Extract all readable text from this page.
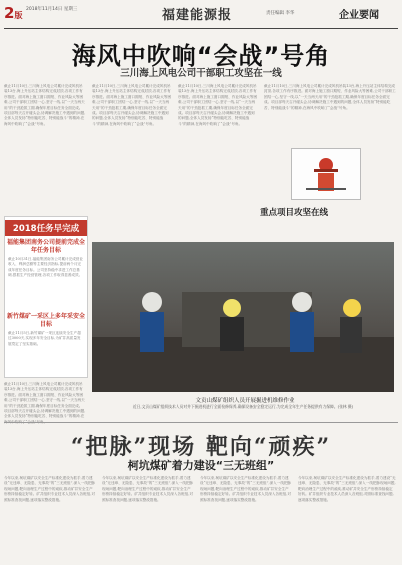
2版
2018年11月14日 星期三	福建能源报	责任编辑 李华	企业要闻
海风中吹响“会战”号角
三川海上风电公司干部职工攻坚在一线
截止11月10日,三川海上风电公司累计完成风机吊装13台,海上升压站主体结构完成封顶,各项工作有序推进。面对海上施工窗口期短、作业风险大等困难,公司干部职工团结一心,坚守一线,以“一天当两天用”的干劲抢抓工期,确保年度目标任务全面完成。项目部每天召开碰头会,协调解决施工中遇到的问题,全体人员发扬“特别能吃苦、特别能战斗”的精神,在海风中吹响了“会战”号角。
截止11月10日,三川海上风电公司累计完成风机吊装13台,海上升压站主体结构完成封顶,各项工作有序推进。面对海上施工窗口期短、作业风险大等困难,公司干部职工团结一心,坚守一线,以“一天当两天用”的干劲抢抓工期,确保年度目标任务全面完成。项目部每天召开碰头会,协调解决施工中遇到的问题,全体人员发扬“特别能吃苦、特别能战斗”的精神,在海风中吹响了“会战”号角。
截止11月10日,三川海上风电公司累计完成风机吊装13台,海上升压站主体结构完成封顶,各项工作有序推进。面对海上施工窗口期短、作业风险大等困难,公司干部职工团结一心,坚守一线,以“一天当两天用”的干劲抢抓工期,确保年度目标任务全面完成。项目部每天召开碰头会,协调解决施工中遇到的问题,全体人员发扬“特别能吃苦、特别能战斗”的精神,在海风中吹响了“会战”号角。
截止11月10日,三川海上风电公司累计完成风机吊装13台,海上升压站主体结构完成封顶,各项工作有序推进。面对海上施工窗口期短、作业风险大等困难,公司干部职工团结一心,坚守一线,以“一天当两天用”的干劲抢抓工期,确保年度目标任务全面完成。项目部每天召开碰头会,协调解决施工中遇到的问题,全体人员发扬“特别能吃苦、特别能战斗”的精神,在海风中吹响了“会战”号角。
重点项目攻坚在线
2018任务早完成
福能集团南务公司提前完成全年任务目标
截止10月31日,福能集团南务公司累计完成营业收入、利润总额等主要经济指标,提前两个月完成年度任务目标。公司坚持稳中求进工作总基调,狠抓生产经营管理,各项工作取得显著成效。
新竹煤矿一采区上多年采安全目标
截止11月5日,新竹煤矿一采区连续安全生产超过3000天,实现多年安全目标,为矿井高质量发展奠定了坚实基础。
截止11月10日,三川海上风电公司累计完成风机吊装13台,海上升压站主体结构完成封顶,各项工作有序推进。面对海上施工窗口期短、作业风险大等困难,公司干部职工团结一心,坚守一线,以“一天当两天用”的干劲抢抓工期,确保年度目标任务全面完成。项目部每天召开碰头会,协调解决施工中遇到的问题,全体人员发扬“特别能吃苦、特别能战斗”的精神,在
文贡山煤矿组织人员开展掘进机维修作业
近日,文贡山煤矿组织技术人员对井下掘进机进行全面检修保养,确保设备安全稳定运行,为完成全年生产任务提供有力保障。(张林 摄)
“把脉”现场 靶向“顽疾”
柯坑煤矿着力建设“三无班组”
今年以来,柯坑煤矿以安全生产标准化建设为抓手,着力建设“无违章、无隐患、无事故”的“三无班组”,深入一线把脉现场问题,靶向治理生产过程中的顽疾,推动矿井安全生产形势持续稳定好转。矿井组织专业技术人员深入各班组,对照标准查找问题,逐项落实整改措施。
今年以来,柯坑煤矿以安全生产标准化建设为抓手,着力建设“无违章、无隐患、无事故”的“三无班组”,深入一线把脉现场问题,靶向治理生产过程中的顽疾,推动矿井安全生产形势持续稳定好转。矿井组织专业技术人员深入各班组,对照标准查找问题,逐项落实整改措施。
今年以来,柯坑煤矿以安全生产标准化建设为抓手,着力建设“无违章、无隐患、无事故”的“三无班组”,深入一线把脉现场问题,靶向治理生产过程中的顽疾,推动矿井安全生产形势持续稳定好转。矿井组织专业技术人员深入各班组,对照标准查找问题,逐项落实整改措施。
今年以来,柯坑煤矿以安全生产标准化建设为抓手,着力建设“无违章、无隐患、无事故”的“三无班组”,深入一线把脉现场问题,靶向治理生产过程中的顽疾,推动矿井安全生产形势持续稳定好转。矿井组织专业技术人员深入各班组,对照标准查找问题,逐项落实整改措施。
